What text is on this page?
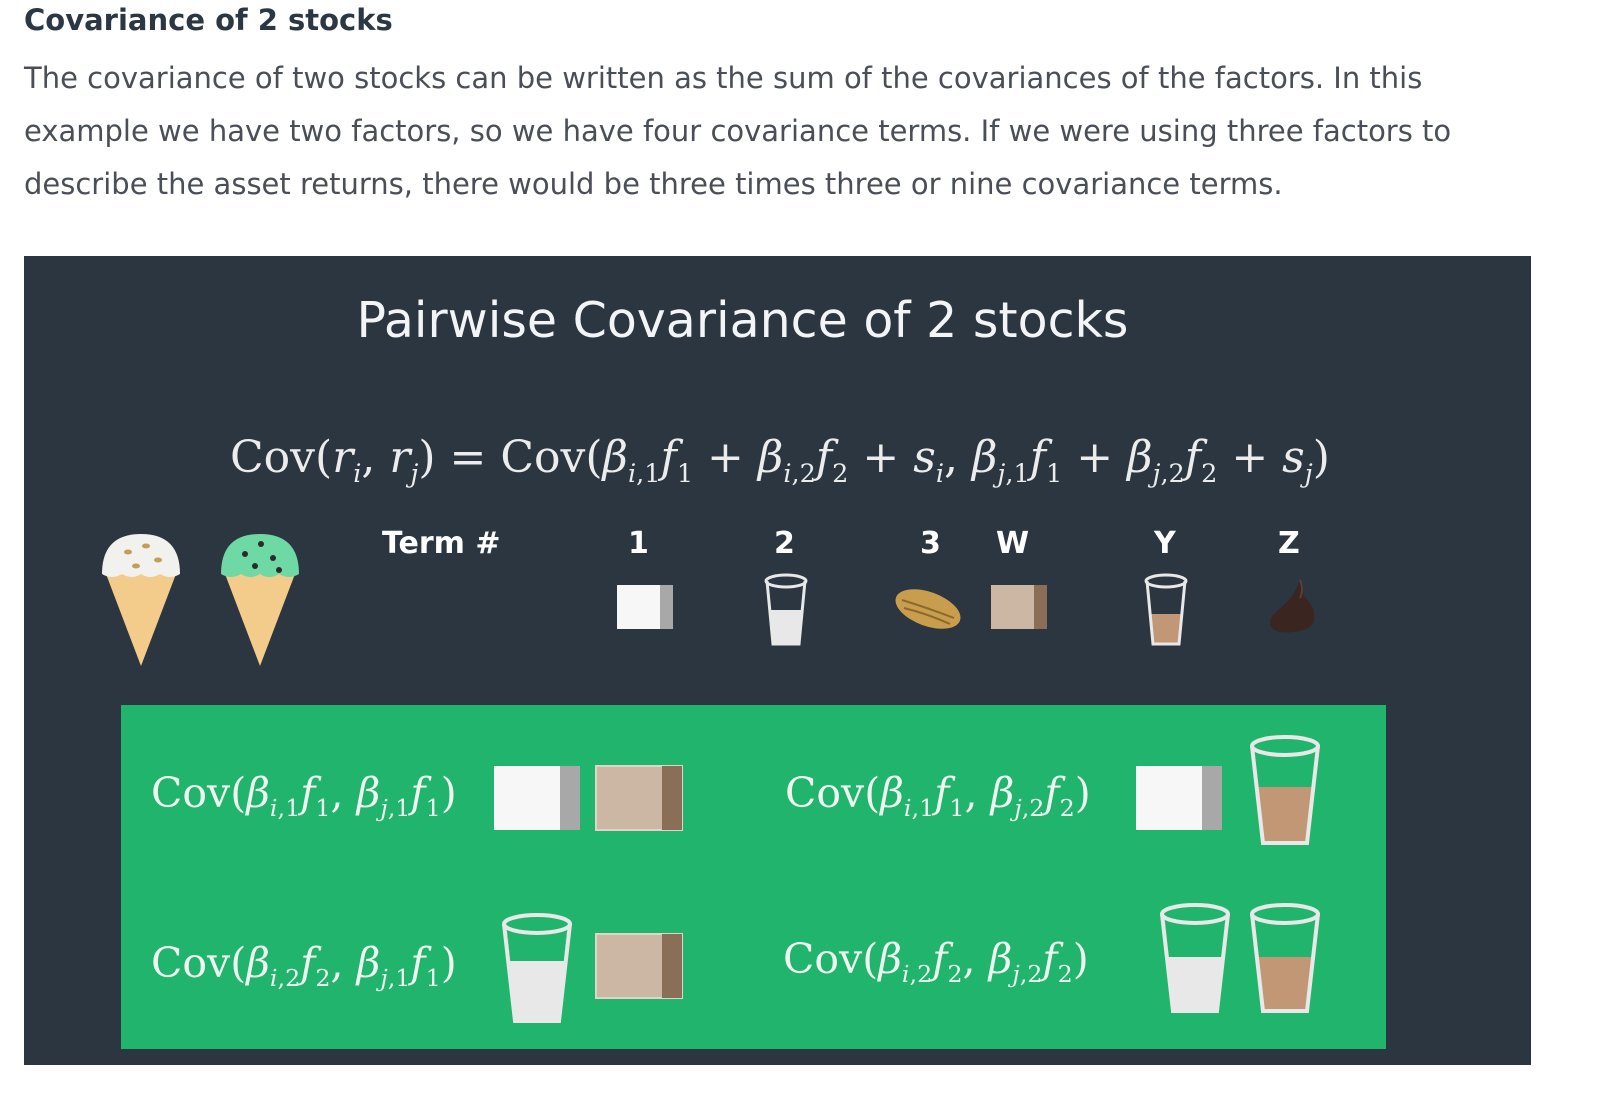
Covariance of 2 stocks

The covariance of two stocks can be written as the sum of the covariances of the factors. In this example we have two factors, so we have four covariance terms. If we were using three factors to describe the asset returns, there would be three times three or nine covariance terms.

Pairwise Covariance of 2 stocks
$Cov(r_i$, $r_j) = Cov(\beta_{i,1}f_1 + \beta_{i,2}f_2 + s_i$, $\beta_{j,1}f_1 + \beta_{j,2}f_2 + s_j$)
Term #	1	2	3 W	Y	Z
$Cov(\beta_{i,1}f_1$, $\beta_{j,1}f_1$)	$Cov(\beta_{i,1}f_1$, $\beta_{j,2}f_2$)
$Cov(\beta_{i,2}f_2$, $\beta_{j,1}f_1$)	$Cov(\beta_{i,2}f_2$, $\beta_{j,2}f_2$)
